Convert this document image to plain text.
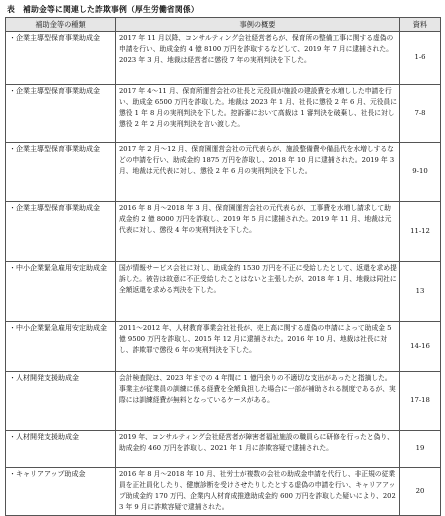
表　補助金等に関連した詐欺事例（厚生労働省関係）
補助金等の種類	事例の概要	資料
・企業主導型保育事業助成金	2017 年 11 月以降、コンサルティング会社経営者らが、保育所の整備工事に関する虚偽の申請を行い、助成金約 4 億 8100 万円を詐取するなどして、2019 年 7 月に逮捕された。2023 年 3 月、地裁は経営者に懲役 7 年の実刑判決を下した。	1-6
・企業主導型保育事業助成金	2017 年 4～11 月、保育所運営会社の社長と元役員が施設の建設費を水増しした申請を行い、助成金 6500 万円を詐取した。地裁は 2023 年 1 月、社長に懲役 2 年 6 月、元役員に懲役 1 年 8 月の実刑判決を下した。控訴審において高裁は 1 審判決を破棄し、社長に対し懲役 2 年 2 月の実刑判決を言い渡した。	7-8
・企業主導型保育事業助成金	2017 年 2 月～12 月、保育園運営会社の元代表らが、施設整備費や備品代を水増しするなどの申請を行い、助成金約 1875 万円を詐取し、2018 年 10 月に逮捕された。2019 年 3 月、地裁は元代表に対し、懲役 2 年 6 月の実刑判決を下した。	9-10
・企業主導型保育事業助成金	2016 年 8 月～2018 年 3 月、保育園運営会社の元代表らが、工事費を水増し請求して助成金約 2 億 8000 万円を詐取し、2019 年 5 月に逮捕された。2019 年 11 月、地裁は元代表に対し、懲役 4 年の実刑判決を下した。	11-12
・中小企業緊急雇用安定助成金	国が情報サービス会社に対し、助成金約 1530 万円を不正に受給したとして、返還を求め提訴した。被告は故意に不正受給したことはないと主張したが、2018 年 1 月、地裁は同社に全額返還を求める判決を下した。	13
・中小企業緊急雇用安定助成金	2011～2012 年、人材教育事業会社社長が、売上高に関する虚偽の申請によって助成金 5 億 9500 万円を詐取し、2015 年 12 月に逮捕された。2016 年 10 月、地裁は社長に対し、詐欺罪で懲役 6 年の実刑判決を下した。	14-16
・人材開発支援助成金	会計検査院は、2023 年までの 4 年間に 1 億円余りの不適切な支出があったと指摘した。事業主が従業員の訓練に係る経費を全額負担した場合に一部が補助される制度であるが、実際には訓練経費が無料となっているケースがある。	17-18
・人材開発支援助成金	2019 年、コンサルティング会社経営者が障害者福祉施設の職員らに研修を行ったと偽り、助成金約 460 万円を詐取し、2021 年 1 月に詐欺容疑で逮捕された。	19
・キャリアアップ助成金	2016 年 8 月～2018 年 10 月、社労士が複数の会社の助成金申請を代行し、非正規の従業員を正社員化したり、健康診断を受けさせたりしたとする虚偽の申請を行い、キャリアアップ助成金約 170 万円、企業内人材育成推進助成金約 600 万円を詐取した疑いにより、2023 年 9 月に詐欺容疑で逮捕された。	20
